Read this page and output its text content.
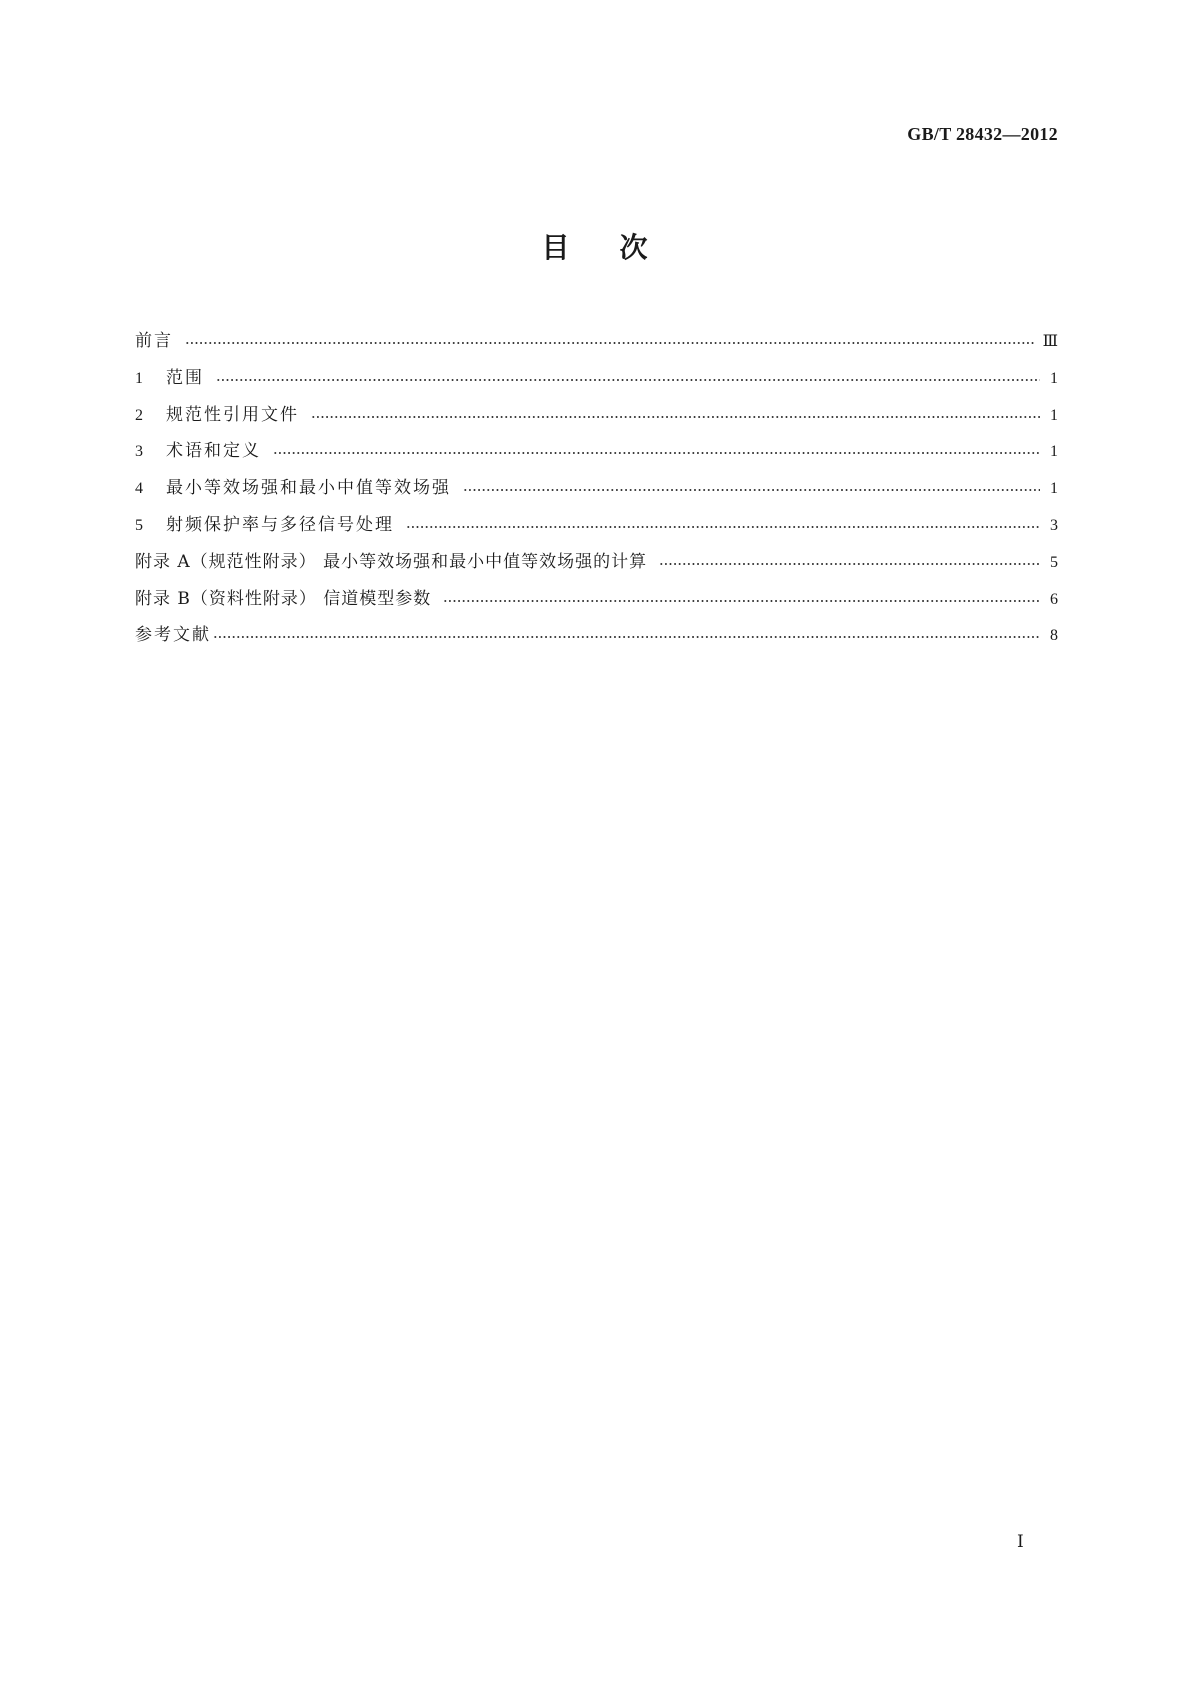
GB/T 28432—2012
目 次
前言	Ⅲ
1	范围	1
2	规范性引用文件	1
3	术语和定义	1
4	最小等效场强和最小中值等效场强	1
5	射频保护率与多径信号处理	3
附录 A（规范性附录） 最小等效场强和最小中值等效场强的计算	5
附录 B（资料性附录） 信道模型参数	6
参考文献	8
Ⅰ
